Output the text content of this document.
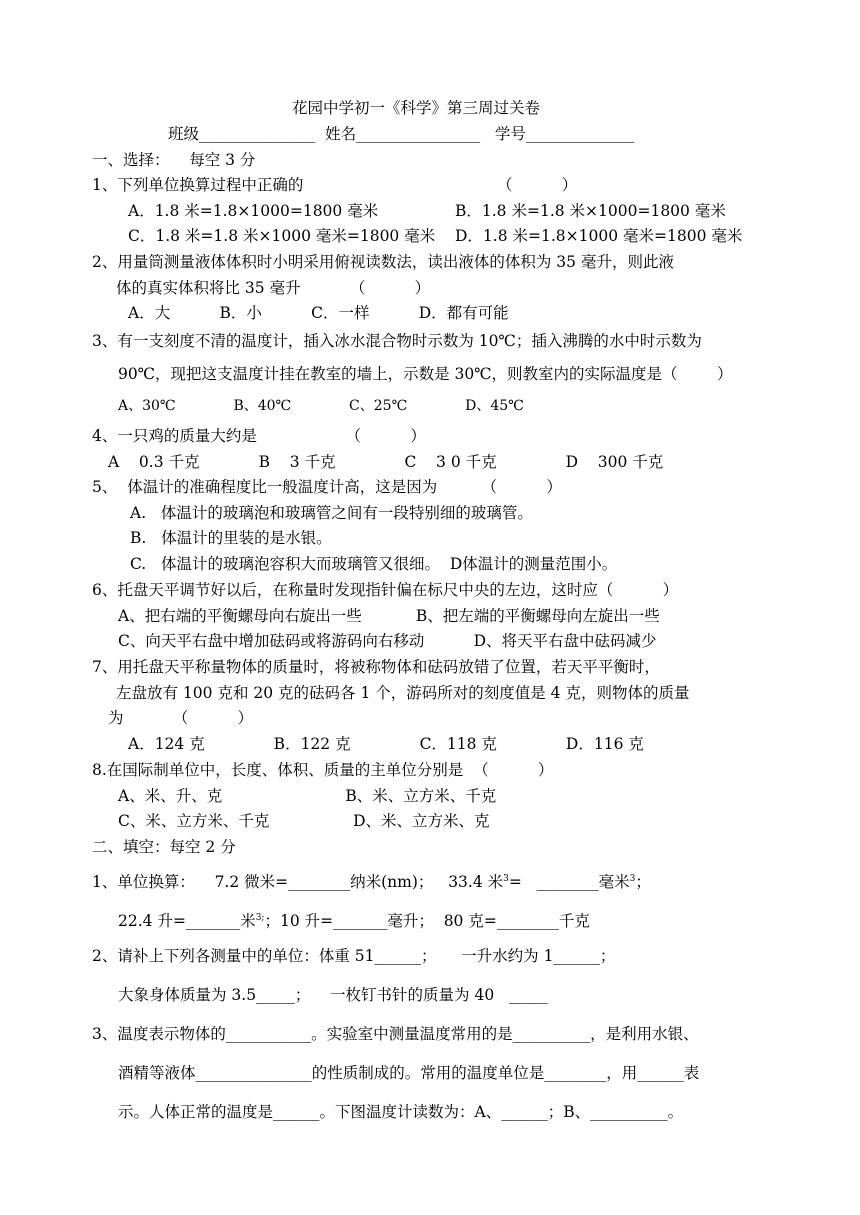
花园中学初一《科学》第三周过关卷
班级_______________  姓名________________   学号______________
一、选择：    每空 3 分
1、下列单位换算过程中正确的	（          ）
A．1.8 米=1.8×1000=1800 毫米	B．1.8 米=1.8 米×1000=1800 毫米
C．1.8 米=1.8 米×1000 毫米=1800 毫米 D．1.8 米=1.8×1000 毫米=1800 毫米
2、用量筒测量液体体积时小明采用俯视读数法，读出液体的体积为 35 毫升，则此液
体的真实体积将比 35 毫升          （          ）
A．大          B．小          C．一样          D．都有可能
3、有一支刻度不清的温度计，插入冰水混合物时示数为 10℃；插入沸腾的水中时示数为
90℃，现把这支温度计挂在教室的墙上，示数是 30℃，则教室内的实际温度是（        ）
A、30℃             B、40℃             C、25℃             D、45℃
4、一只鸡的质量大约是                  （          ）
A    0.3 千克            B    3 千克              C    3 0 千克              D    300 千克
5、  体温计的准确程度比一般温度计高，这是因为         （          ）
A.   体温计的玻璃泡和玻璃管之间有一段特别细的玻璃管。
B.   体温计的里装的是水银。
C.   体温计的玻璃泡容积大而玻璃管又很细。  D体温计的测量范围小。
6、托盘天平调节好以后，在称量时发现指针偏在标尺中央的左边，这时应（          ）
A、把右端的平衡螺母向右旋出一些           B、把左端的平衡螺母向左旋出一些
C、向天平右盘中增加砝码或将游码向右移动          D、将天平右盘中砝码减少
7、用托盘天平称量物体的质量时，将被称物体和砝码放错了位置，若天平平衡时，
左盘放有 100 克和 20 克的砝码各 1 个，游码所对的刻度值是 4 克，则物体的质量
为          （          ）
A．124 克              B．122 克              C．118 克              D．116 克
8.在国际制单位中，长度、体积、质量的主单位分别是  （          ）
A、米、升、克                         B、米、立方米、千克
C、米、立方米、千克                 D、米、立方米、克
二、填空：每空 2 分
1、单位换算：    7.2 微米=________纳米(nm)；   33.4 米$^3$=   ________毫米$^3$；
22.4 升=_______米$^{3;}$；10 升=_______毫升；  80 克=________千克
2、请补上下列各测量中的单位：体重 51______；     一升水约为 1______；
大象身体质量为 3.5_____；    一枚钉书针的质量为 40   _____
3、温度表示物体的___________。实验室中测量温度常用的是__________，是利用水银、
酒精等液体_______________的性质制成的。常用的温度单位是________，用______表
示。人体正常的温度是______。下图温度计读数为：A、______；B、__________。
